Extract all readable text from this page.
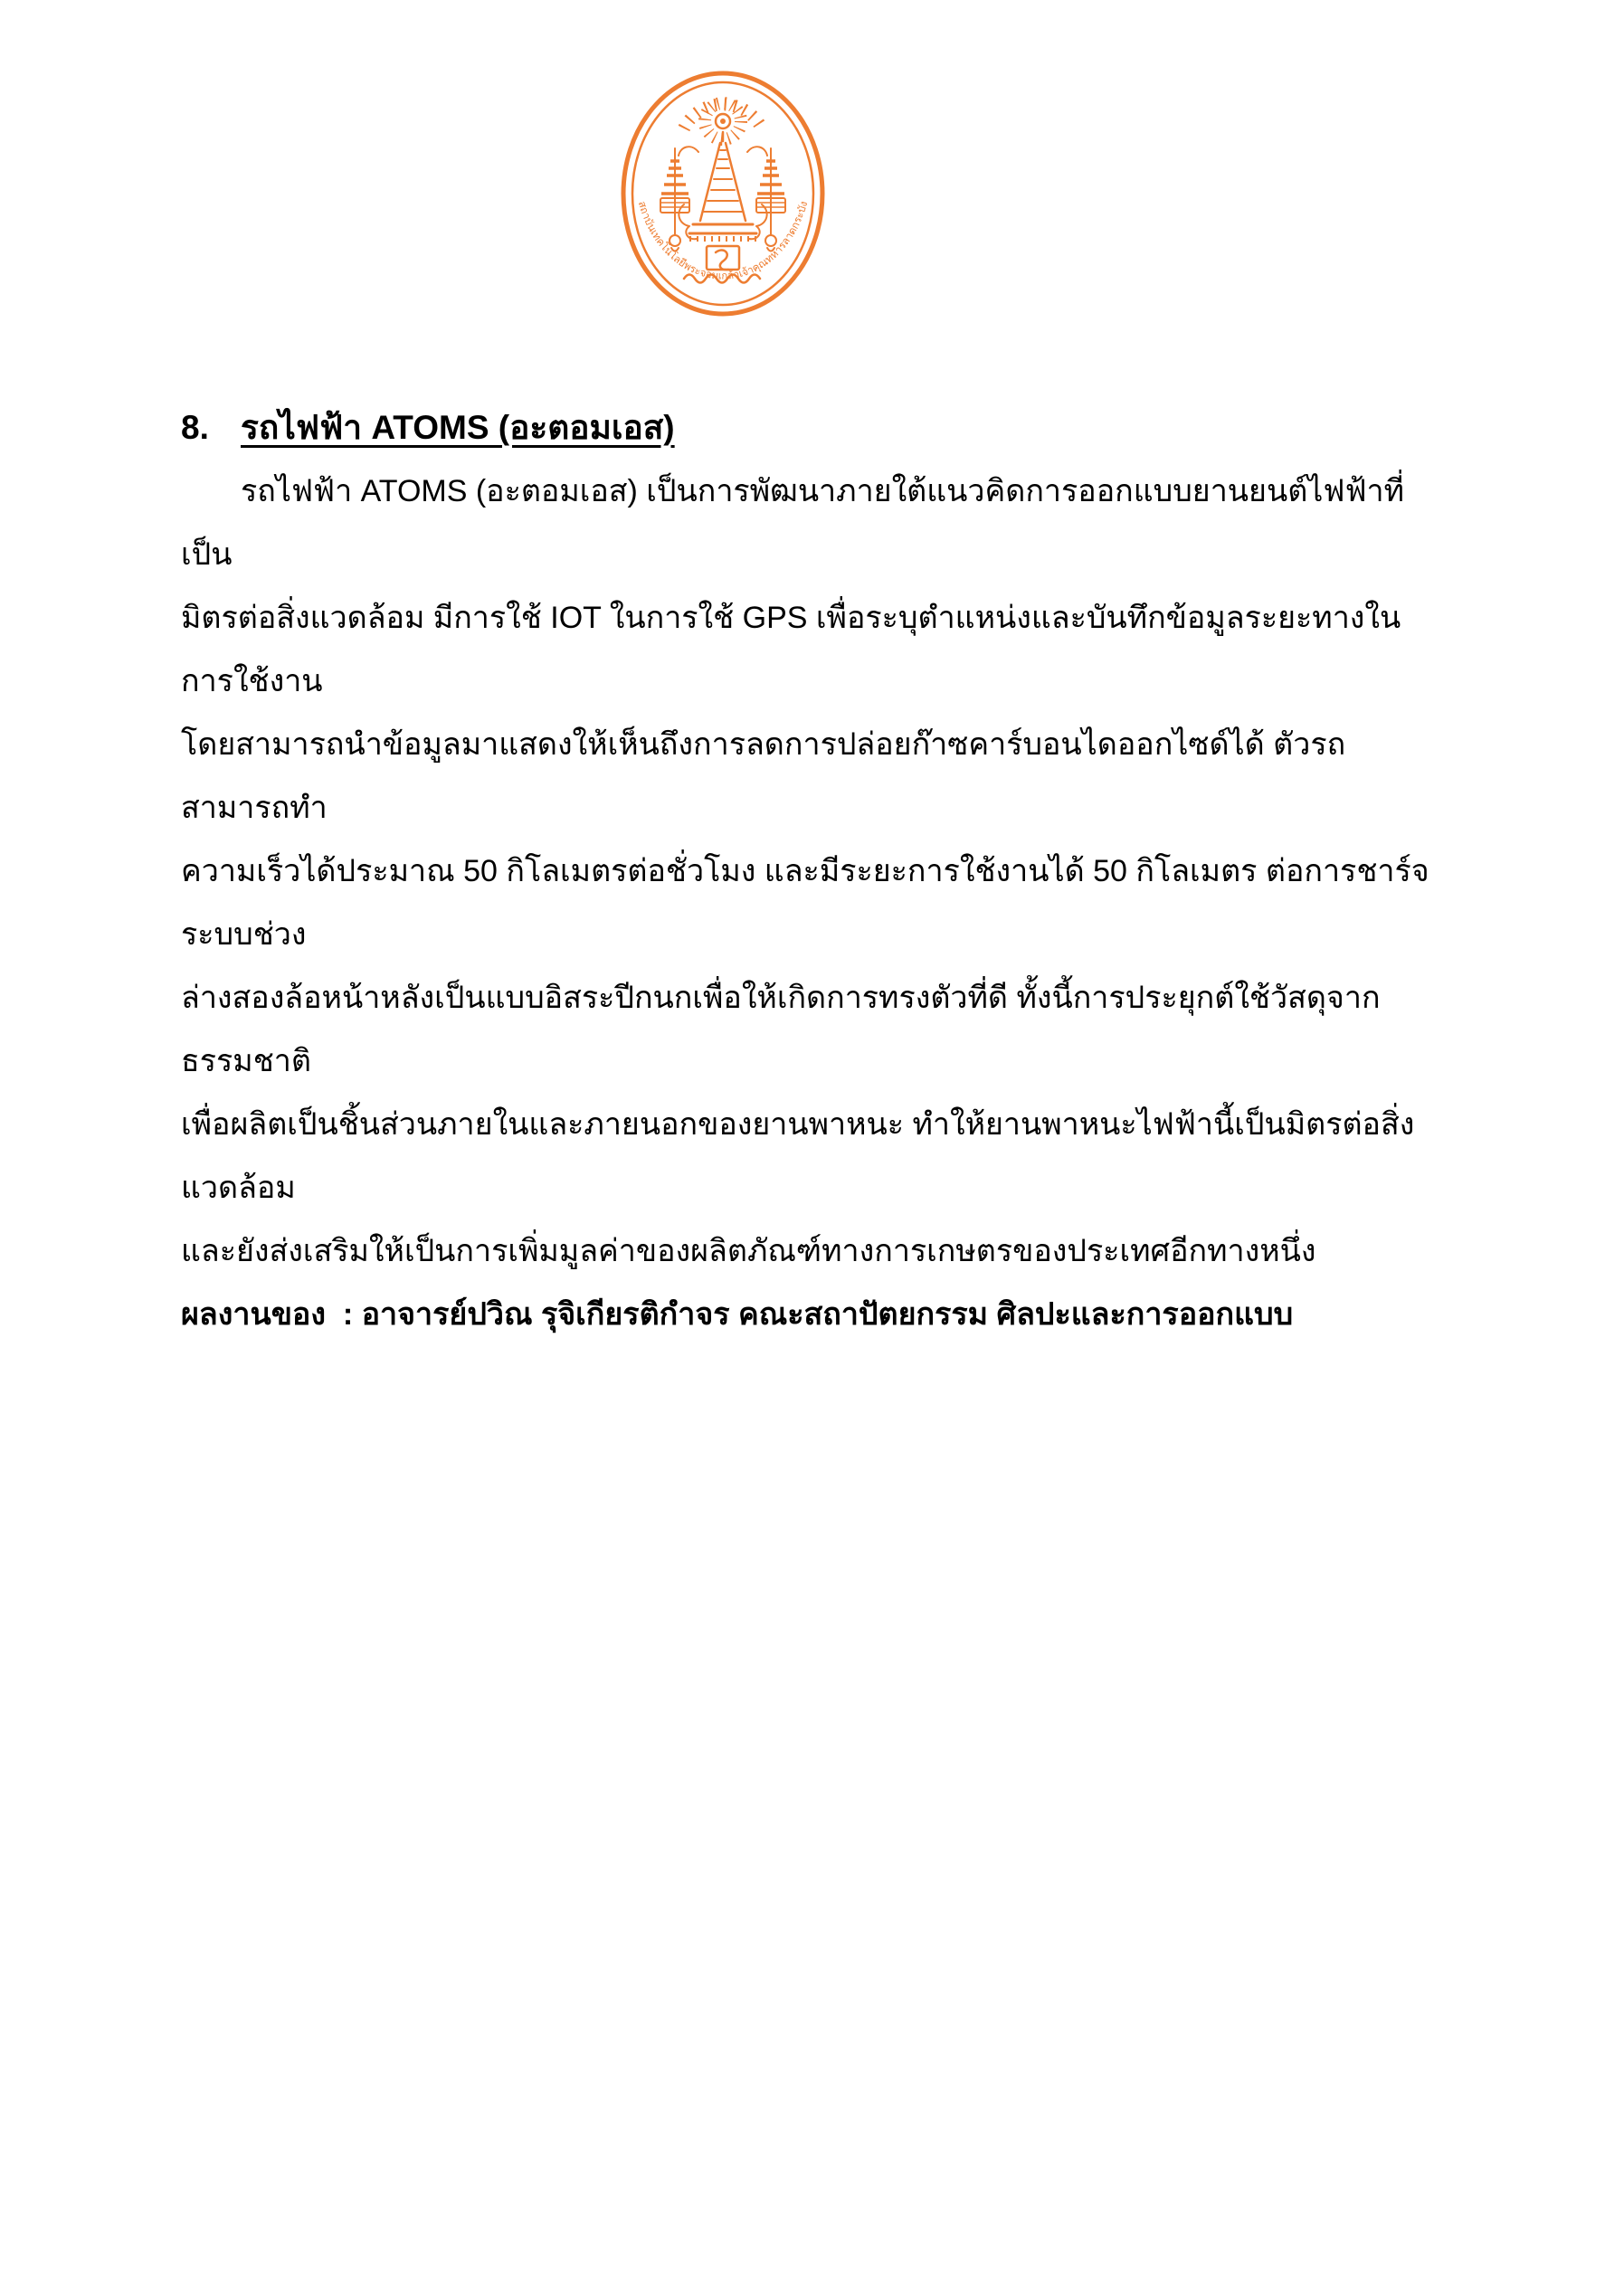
สถาบันเทคโนโลยีพระจอมเกล้าเจ้าคุณทหารลาดกระบัง
8. รถไฟฟ้า ATOMS (อะตอมเอส)
รถไฟฟ้า ATOMS (อะตอมเอส) เป็นการพัฒนาภายใต้แนวคิดการออกแบบยานยนต์ไฟฟ้าที่เป็น
มิตรต่อสิ่งแวดล้อม มีการใช้ IOT ในการใช้ GPS เพื่อระบุตำแหน่งและบันทึกข้อมูลระยะทางในการใช้งาน
โดยสามารถนำข้อมูลมาแสดงให้เห็นถึงการลดการปล่อยก๊าซคาร์บอนไดออกไซด์ได้ ตัวรถ สามารถทำ
ความเร็วได้ประมาณ 50 กิโลเมตรต่อชั่วโมง และมีระยะการใช้งานได้ 50 กิโลเมตร ต่อการชาร์จ ระบบช่วง
ล่างสองล้อหน้าหลังเป็นแบบอิสระปีกนกเพื่อให้เกิดการทรงตัวที่ดี ทั้งนี้การประยุกต์ใช้วัสดุจากธรรมชาติ
เพื่อผลิตเป็นชิ้นส่วนภายในและภายนอกของยานพาหนะ ทำให้ยานพาหนะไฟฟ้านี้เป็นมิตรต่อสิ่งแวดล้อม
และยังส่งเสริมให้เป็นการเพิ่มมูลค่าของผลิตภัณฑ์ทางการเกษตรของประเทศอีกทางหนึ่ง
ผลงานของ  : อาจารย์ปวิณ รุจิเกียรติกำจร คณะสถาปัตยกรรม ศิลปะและการออกแบบ
